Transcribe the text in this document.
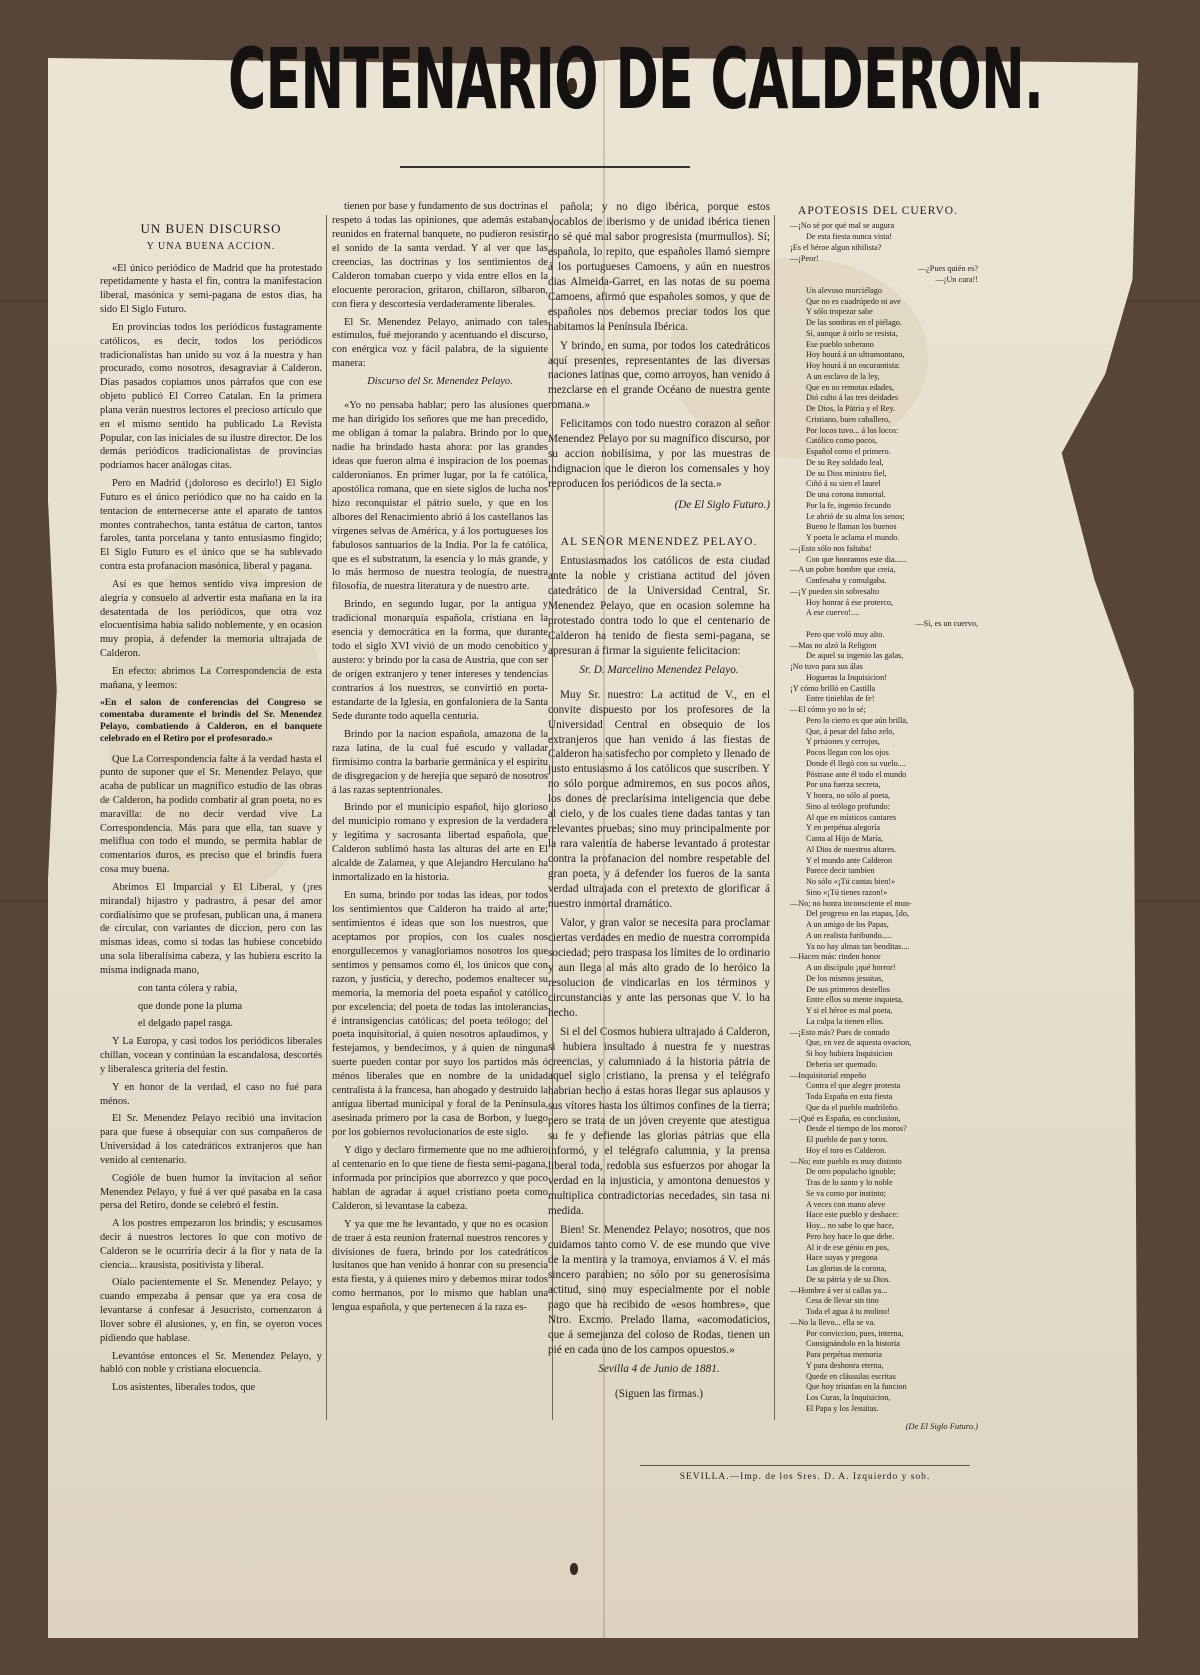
CENTENARIO DE CALDERON.
UN BUEN DISCURSO
Y UNA BUENA ACCION.

«El único periódico de Madrid que ha protestado repetidamente y hasta el fin, contra la manifestacion liberal, masónica y semi-pagana de estos dias, ha sido El Siglo Futuro.

En provincias todos los periódicos fustagramente católicos, es decir, todos los periódicos tradicionalistas han unido su voz á la nuestra y han procurado, como nosotros, desagraviar á Calderon. Dias pasados copiamos unos párrafos que con ese objeto publicó El Correo Catalan. En la primera plana verán nuestros lectores el precioso artículo que en el mismo sentido ha publicado La Revista Popular, con las iniciales de su ilustre director. De los demás periódicos tradicionalistas de provincias podríamos hacer análogas citas.

Pero en Madrid (¡doloroso es decirlo!) El Siglo Futuro es el único periódico que no ha caido en la tentacion de enternecerse ante el aparato de tantos montes contrahechos, tanta estátua de carton, tantos faroles, tanta porcelana y tanto entusiasmo fingido; El Siglo Futuro es el único que se ha sublevado contra esta profanacion masónica, liberal y pagana.

Así es que hemos sentido viva impresion de alegría y consuelo al advertir esta mañana en la ira desatentada de los periódicos, que otra voz elocuentísima habia salido noblemente, y en ocasion muy propia, á defender la memoria ultrajada de Calderon.

En efecto: abrimos La Correspondencia de esta mañana, y leemos:

«En el salon de conferencias del Congreso se comentaba duramente el brindis del Sr. Menendez Pelayo, combatiendo á Calderon, en el banquete celebrado en el Retiro por el profesorado.»

Que La Correspondencia falte á la verdad hasta el punto de suponer que el Sr. Menendez Pelayo, que acaba de publicar un magnífico estudio de las obras de Calderon, ha podido combatir al gran poeta, no es maravilla: de no decir verdad vive La Correspondencia. Más para que ella, tan suave y melíflua con todo el mundo, se permita hablar de comentarios duros, es preciso que el brindis fuera cosa muy buena.

Abrimos El Imparcial y El Liberal, y (¡res mirandal) hijastro y padrastro, á pesar del amor cordialísimo que se profesan, publican una, á manera de circular, con variantes de diccion, pero con las mismas ideas, como si todas las hubiese concebido una sola liberalísima cabeza, y las hubiera escrito la misma indignada mano,

con tanta cólera y rabia,

que donde pone la pluma

el delgado papel rasga.

Y La Europa, y casi todos los periódicos liberales chillan, vocean y continúan la escandalosa, descortés y liberalesca gritería del festin.

Y en honor de la verdad, el caso no fué para ménos.

El Sr. Menendez Pelayo recibió una invitacion para que fuese á obsequiar con sus compañeros de Universidad á los catedráticos extranjeros que han venido al centenario.

Cogióle de buen humor la invitacion al señor Menendez Pelayo, y fué á ver qué pasaba en la casa persa del Retiro, donde se celebró el festin.

A los postres empezaron los brindis; y escusamos decir á nuestros lectores lo que con motivo de Calderon se le ocurriria decir á la flor y nata de la ciencia... krausista, positivista y liberal.

Oíalo pacientemente el Sr. Menendez Pelayo; y cuando empezaba á pensar que ya era cosa de levantarse á confesar á Jesucristo, comenzaron á llover sobre él alusiones, y, en fin, se oyeron voces pidiendo que hablase.

Levantóse entonces el Sr. Menendez Pelayo, y habló con noble y cristiana elocuencia.

Los asistentes, liberales todos, que

tienen por base y fundamento de sus doctrinas el respeto á todas las opiniones, que además estaban reunidos en fraternal banquete, no pudieron resistir el sonido de la santa verdad. Y al ver que las creencias, las doctrinas y los sentimientos de Calderon tomaban cuerpo y vida entre ellos en la elocuente peroracion, gritaron, chillaron, silbaron, con fiera y descortesía verdaderamente liberales.

El Sr. Menendez Pelayo, animado con tales estímulos, fué mejorando y acentuando el discurso, con enérgica voz y fácil palabra, de la siguiente manera:

Discurso del Sr. Menendez Pelayo.

«Yo no pensaba hablar; pero las alusiones que me han dirigido los señores que me han precedido, me obligan á tomar la palabra. Brindo por lo que nadie ha brindado hasta ahora: por las grandes ideas que fueron alma é inspiracion de los poemas calderonianos. En primer lugar, por la fe católica, apostólica romana, que en siete siglos de lucha nos hizo reconquistar el pátrio suelo, y que en los albores del Renacimiento abrió á los castellanos las vírgenes selvas de América, y á los portugueses los fabulosos santuarios de la India. Por la fe católica, que es el substratum, la esencia y lo más grande, y lo más hermoso de nuestra teología, de nuestra filosofía, de nuestra literatura y de nuestro arte.

Brindo, en segundo lugar, por la antigua y tradicional monarquía española, cristiana en la esencia y democrática en la forma, que durante todo el siglo XVI vivió de un modo cenobítico y austero: y brindo por la casa de Austria, que con ser de orígen extranjero y tener intereses y tendencias contrarios á los nuestros, se convirtió en porta-estandarte de la Iglesia, en gonfaloniera de la Santa Sede durante todo aquella centuria.

Brindo por la nacion española, amazona de la raza latina, de la cual fué escudo y valladar firmísimo contra la barbarie germánica y el espíritu de disgregacion y de herejía que separó de nosotros á las razas septentrionales.

Brindo por el municipio español, hijo glorioso del municipio romano y expresion de la verdadera y legítima y sacrosanta libertad española, que Calderon sublimó hasta las alturas del arte en El alcalde de Zalamea, y que Alejandro Herculano ha inmortalizado en la historia.

En suma, brindo por todas las ideas, por todos los sentimientos que Calderon ha traido al arte; sentimientos é ideas que son los nuestros, que aceptamos por propios, con los cuales nos enorgullecemos y vanagloriamos nosotros los que sentimos y pensamos como él, los únicos que con razon, y justicia, y derecho, podemos enaltecer su memoria, la memoria del poeta español y católico por excelencia; del poeta de todas las intolerancias é intransigencias católicas; del poeta teólogo; del poeta inquisitorial, á quien nosotros aplaudimos, y festejamos, y bendecimos, y á quien de ninguna suerte pueden contar por suyo los partidos más ó ménos liberales que en nombre de la unidad centralista á la francesa, han ahogado y destruido la antigua libertad municipal y foral de la Península, asesinada primero por la casa de Borbon, y luego por los gobiernos revolucionarios de este siglo.

Y digo y declaro firmemente que no me adhiero al centenario en lo que tiene de fiesta semi-pagana, informada por principios que aborrezco y que poco hablan de agradar á aquel cristiano poeta como Calderon, si levantase la cabeza.

Y ya que me he levantado, y que no es ocasion de traer á esta reunion fraternal nuestros rencores y divisiones de fuera, brindo por los catedráticos lusitanos que han venido á honrar con su presencia esta fiesta, y á quienes miro y debemos mirar todos como hermanos, por lo mismo que hablan una lengua española, y que pertenecen á la raza es-

pañola; y no digo ibérica, porque estos vocablos de iberismo y de unidad ibérica tienen no sé qué mal sabor progresista (murmullos). Sí; española, lo repito, que españoles llamó siempre á los portugueses Camoens, y aún en nuestros dias Almeida-Garret, en las notas de su poema Camoens, afirmó que españoles somos, y que de españoles nos debemos preciar todos los que habitamos la Península Ibérica.

Y brindo, en suma, por todos los catedráticos aquí presentes, representantes de las diversas naciones latinas que, como arroyos, han venido á mezclarse en el grande Océano de nuestra gente romana.»

Felicitamos con todo nuestro corazon al señor Menendez Pelayo por su magnífico discurso, por su accion nobilísima, y por las muestras de indignacion que le dieron los comensales y hoy reproducen los periódicos de la secta.»

(De El Siglo Futuro.)
AL SEÑOR MENENDEZ PELAYO.

Entusiasmados los católicos de esta ciudad ante la noble y cristiana actitud del jóven catedrático de la Universidad Central, Sr. Menendez Pelayo, que en ocasion solemne ha protestado contra todo lo que el centenario de Calderon ha tenido de fiesta semi-pagana, se apresuran á firmar la siguiente felicitacion:

Sr. D. Marcelino Menendez Pelayo.

Muy Sr. nuestro: La actitud de V., en el convite dispuesto por los profesores de la Universidad Central en obsequio de los extranjeros que han venido á las fiestas de Calderon ha satisfecho por completo y llenado de justo entusiasmo á los católicos que suscriben. Y no sólo porque admiremos, en sus pocos años, los dones de preclarísima inteligencia que debe al cielo, y de los cuales tiene dadas tantas y tan relevantes pruebas; sino muy principalmente por la rara valentía de haberse levantado á protestar contra la profanacion del nombre respetable del gran poeta, y á defender los fueros de la santa verdad ultrajada con el pretexto de glorificar á nuestro inmortal dramático.

Valor, y gran valor se necesita para proclamar ciertas verdades en medio de nuestra corrompida sociedad; pero traspasa los límites de lo ordinario y aun llega al más alto grado de lo heróico la resolucion de vindicarlas en los términos y circunstancias y ante las personas que V. lo ha hecho.

Si el del Cosmos hubiera ultrajado á Calderon, si hubiera insultado á nuestra fe y nuestras creencias, y calumniado á la historia pátria de aquel siglo cristiano, la prensa y el telégrafo habrian hecho á estas horas llegar sus aplausos y sus vítores hasta los últimos confines de la tierra; pero se trata de un jóven creyente que atestigua su fe y defiende las glorias pátrias que ella informó, y el telégrafo calumnia, y la prensa liberal toda, redobla sus esfuerzos por ahogar la verdad en la injusticia, y amontona denuestos y multiplica contradictorias necedades, sin tasa ni medida.

Bien! Sr. Menendez Pelayo; nosotros, que nos cuidamos tanto como V. de ese mundo que vive de la mentira y la tramoya, enviamos á V. el más sincero parabien; no sólo por su generosísima actitud, sino muy especialmente por el noble pago que ha recibido de «esos hombres», que Ntro. Excmo. Prelado llama, «acomodaticios, que á semejanza del coloso de Rodas, tienen un pié en cada uno de los campos opuestos.»

Sevilla 4 de Junio de 1881.
(Siguen las firmas.)
APOTEOSIS DEL CUERVO.

—¡No sé por qué mal se augura

De esta fiesta nunca vista!

¡Es el héroe algun nihilista?

—¡Peor!

—¿Pues quién es?

—¡Un cura!!

Un alevoso murciélago

Que no es cuadrúpedo ni ave

Y sólo tropezar sabe

De las sombras en el piélago.

Sí, aunque á oirlo se resista,

Ese pueblo soberano

Hoy hourá á un ultramontano,

Hoy hourá á un oscurantista:

A un esclavo de la ley,

Que en no remotas edades,

Dió culto á las tres deidades

De Dios, la Pátria y el Rey.

Cristiano, buen caballero,

Por locos tuvo... á los locos:

Católico como pocos,

Español como el primero.

De su Rey soldado leal,

De su Dios ministro fiel,

Ciñó á su sien el laurel

De una corona inmortal.

Por la fe, ingenio fecundo

Le abrió de su alma los senos;

Bueno le llaman los buenos

Y poeta le aclama el mundo.

—¡Esto sólo nos faltaba!

Con que honramos este dia......

—A un pobre hombre que creia,

Confesaba y comulgaba.

—¡Y pueden sin sobresalto

Hoy honrar á ese proterco,

A ese cuervo!....

—Sí, es un cuervo,

Pero que voló muy alto.

—Mas no alzó la Religion

De aquel su ingenio las galas,

¡No tuvo para sus álas

Hogueras la Inquisicion!

¡Y cómo brilló en Castilla

Entre tinieblas de fe!

—El cómo yo no lo sé;

Pero lo cierto es que aún brilla,

Que, á pesar del falso zelo,

Y prisiones y cerrojos,

Pocos llegan con los ojos

Donde él llegó con su vuelo....

Póstrase ante él todo el mundo

Por una fuerza secreta,

Y honra, no sólo al poeta,

Sino al teólogo profundo:

Al que en místicos cantares

Y en perpétua alegoría

Canta al Hijo de María,

Al Dios de nuestros altares.

Y el mundo ante Calderon

Parece decir tambien

No sólo «¡Tú cantas bien!»

Sino «¡Tú tienes razon!»

—No; no honra inconsciente el mun-

Del progreso en las etapas, [do,

A un amigo de los Papas,

A un realista furibundo.....

Ya no hay almas tan benditas....

—Hacen más: rinden honor

A un discípulo ¡qué horror!

De los mismos jesuitas,

De sus primeros destellos

Entre ellos su mente inquieta,

Y si el héroe es mal poeta,

La culpa la tienen ellos.

—¡Esto más? Pues de contado

Que, en vez de aquesta ovacion,

Si hoy hubiera Inquisicion

Deberia ser quemado.

—Inquisitorial empeño

Contra el que alegre protesta

Toda España en esta fiesta

Que da el pueblo madrileño.

—¡Qué es España, en conclusion,

Desde el tiempo de los moros?

El pueblo de pan y toros.

Hoy el toro es Calderon.

—No; este pueblo es muy distinto

De otro populacho ignoble;

Tras de lo santo y lo noble

Se va como por instinto;

A veces con mano aleve

Hace este pueblo y deshace:

Hoy... no sabe lo que hace,

Pero hoy hace lo que debe.

Al ir de ese génio en pos,

Hace suyas y pregona

Las glorias de la corona,

De su pátria y de su Dios.

—Hombre á ver si callas ya...

Cesa de llevar sin tino

Toda el agua á tu molino!

—No la llevo... ella se va.

Por conviccion, pues, interna,

Consignándolo en la historia

Para perpétua memoria

Y para deshonra eterna,

Quede en cláusulas escritas

Que hoy triunfan en la funcion

Los Curas, la Inquisicion,

El Papa y los Jesuitas.

(De El Siglo Futuro.)
SEVILLA.—Imp. de los Sres. D. A. Izquierdo y sob.
